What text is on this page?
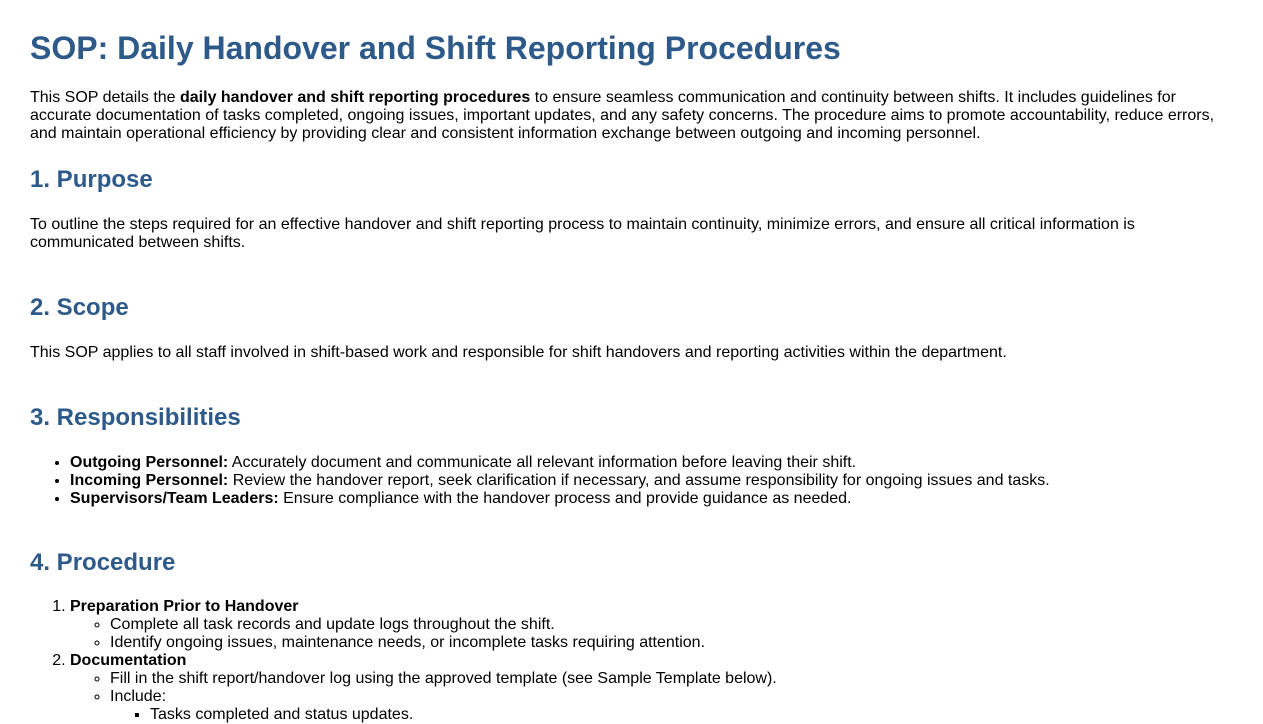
SOP: Daily Handover and Shift Reporting Procedures

This SOP details the daily handover and shift reporting procedures to ensure seamless communication and continuity between shifts. It includes guidelines for accurate documentation of tasks completed, ongoing issues, important updates, and any safety concerns. The procedure aims to promote accountability, reduce errors, and maintain operational efficiency by providing clear and consistent information exchange between outgoing and incoming personnel.

1. Purpose

To outline the steps required for an effective handover and shift reporting process to maintain continuity, minimize errors, and ensure all critical information is communicated between shifts.

2. Scope

This SOP applies to all staff involved in shift-based work and responsible for shift handovers and reporting activities within the department.

3. Responsibilities
• Outgoing Personnel: Accurately document and communicate all relevant information before leaving their shift.
• Incoming Personnel: Review the handover report, seek clarification if necessary, and assume responsibility for ongoing issues and tasks.
• Supervisors/Team Leaders: Ensure compliance with the handover process and provide guidance as needed.
4. Procedure
1. Preparation Prior to Handover
◦ Complete all task records and update logs throughout the shift.
◦ Identify ongoing issues, maintenance needs, or incomplete tasks requiring attention.
2. Documentation
◦ Fill in the shift report/handover log using the approved template (see Sample Template below).
◦ Include:
▪ Tasks completed and status updates.
